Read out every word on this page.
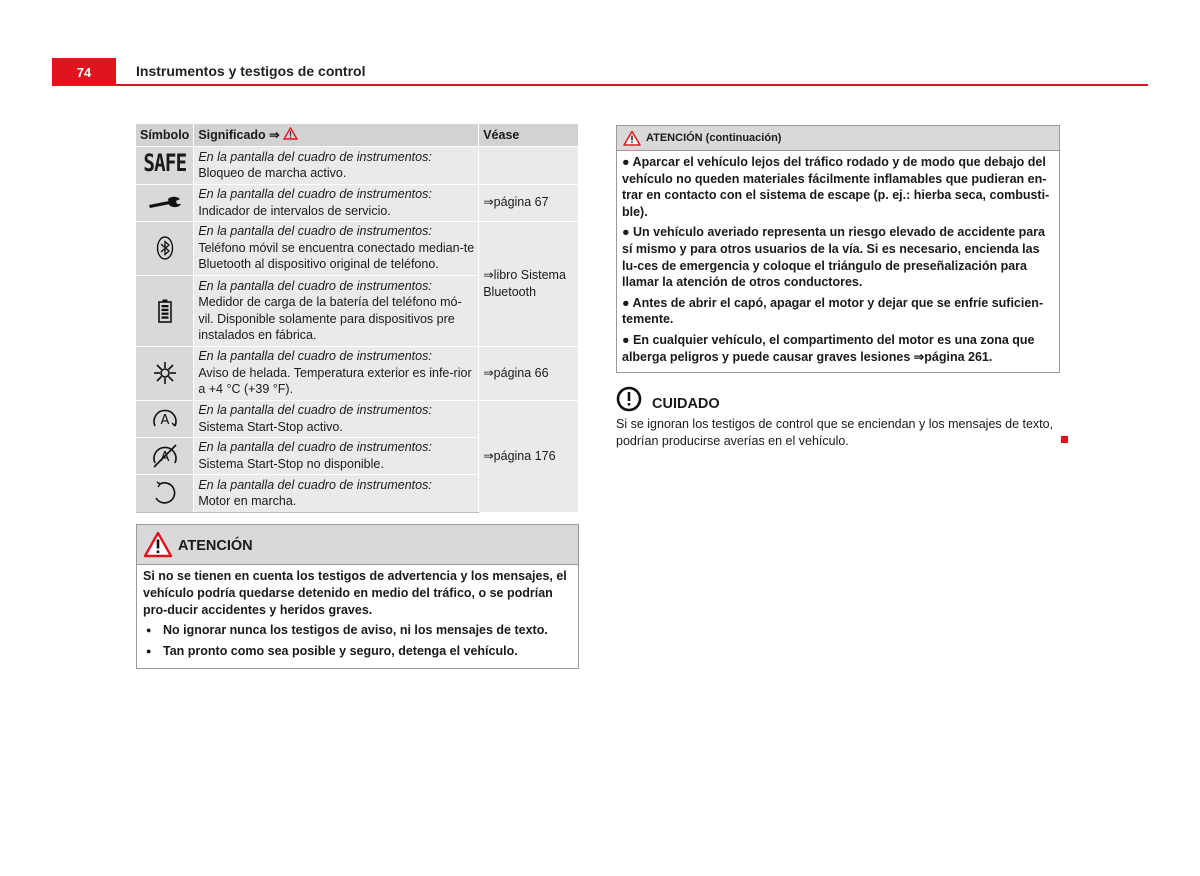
74	Instrumentos y testigos de control
Símbolo	Significado ⇒	Véase
SAFE	En la pantalla del cuadro de instrumentos:
Bloqueo de marcha activo.	

En la pantalla del cuadro de instrumentos:
Indicador de intervalos de servicio.	⇒página 67

En la pantalla del cuadro de instrumentos:
Teléfono móvil se encuentra conectado median-te Bluetooth al dispositivo original de teléfono.	⇒libro Sistema Bluetooth

En la pantalla del cuadro de instrumentos:
Medidor de carga de la batería del teléfono mó-vil. Disponible solamente para dispositivos pre instalados en fábrica.	

En la pantalla del cuadro de instrumentos:
Aviso de helada. Temperatura exterior es infe-rior a +4 °C (+39 °F).	⇒página 66

A	En la pantalla del cuadro de instrumentos:
Sistema Start-Stop activo.	⇒página 176

A	En la pantalla del cuadro de instrumentos:
Sistema Start-Stop no disponible.	

En la pantalla del cuadro de instrumentos:
Motor en marcha.	
ATENCIÓN

Si no se tienen en cuenta los testigos de advertencia y los mensajes, el vehículo podría quedarse detenido en medio del tráfico, o se podrían pro-ducir accidentes y heridos graves.

● No ignorar nunca los testigos de aviso, ni los mensajes de texto.
● Tan pronto como sea posible y seguro, detenga el vehículo.
ATENCIÓN (continuación)

● Aparcar el vehículo lejos del tráfico rodado y de modo que debajo del vehículo no queden materiales fácilmente inflamables que pudieran en-trar en contacto con el sistema de escape (p. ej.: hierba seca, combusti-ble).

● Un vehículo averiado representa un riesgo elevado de accidente para sí mismo y para otros usuarios de la vía. Si es necesario, encienda las lu-ces de emergencia y coloque el triángulo de preseñalización para llamar la atención de otros conductores.

● Antes de abrir el capó, apagar el motor y dejar que se enfríe suficien-temente.

● En cualquier vehículo, el compartimento del motor es una zona que alberga peligros y puede causar graves lesiones ⇒página 261.

CUIDADO

Si se ignoran los testigos de control que se enciendan y los mensajes de texto, podrían producirse averías en el vehículo.
